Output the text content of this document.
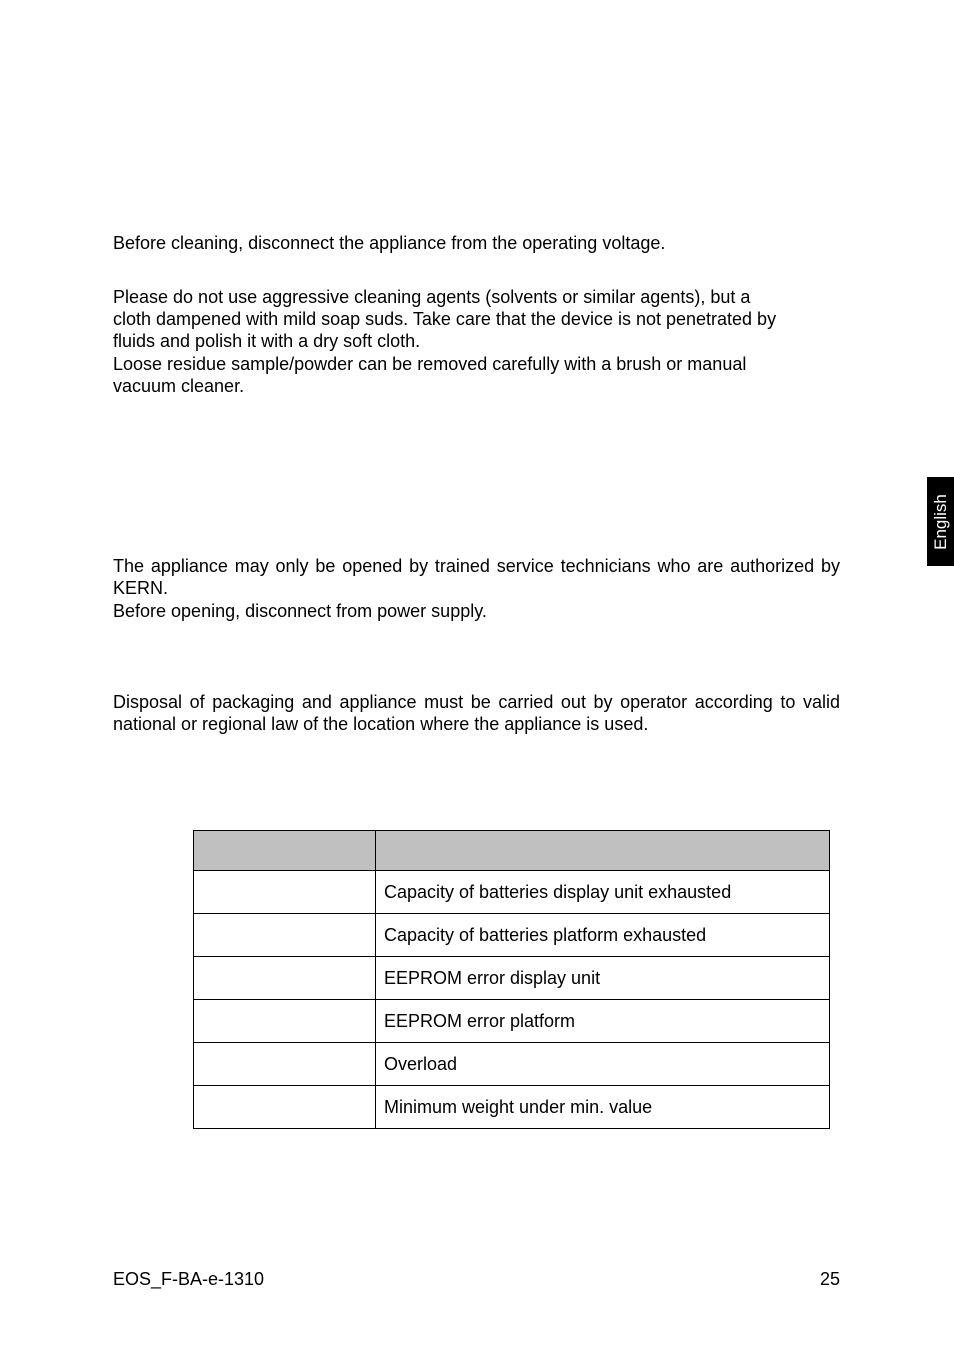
English

Before cleaning, disconnect the appliance from the operating voltage.

Please do not use aggressive cleaning agents (solvents or similar agents), but a
cloth dampened with mild soap suds. Take care that the device is not penetrated by
fluids and polish it with a dry soft cloth.
Loose residue sample/powder can be removed carefully with a brush or manual
vacuum cleaner.

The appliance may only be opened by trained service technicians who are authorized by KERN.

Before opening, disconnect from power supply.

Disposal of packaging and appliance must be carried out by operator according to valid national or regional law of the location where the appliance is used.

	Capacity of batteries display unit exhausted
	Capacity of batteries platform exhausted
	EEPROM error display unit
	EEPROM error platform
	Overload
	Minimum weight under min. value
EOS_F-BA-e-1310	25
